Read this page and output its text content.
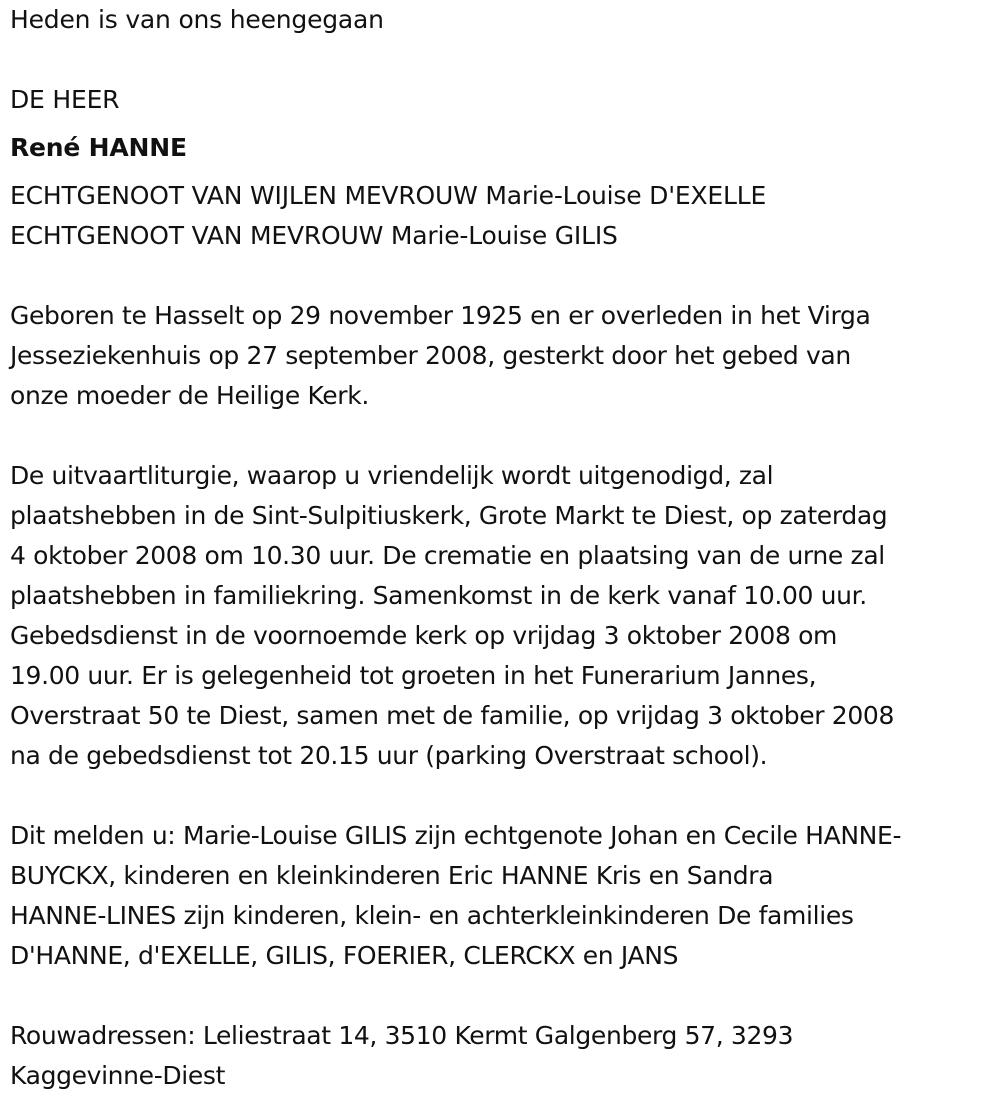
Heden is van ons heengegaan
DE HEER
René HANNE
ECHTGENOOT VAN WIJLEN MEVROUW Marie-Louise D'EXELLE
ECHTGENOOT VAN MEVROUW Marie-Louise GILIS
Geboren te Hasselt op 29 november 1925 en er overleden in het Virga
Jesseziekenhuis op 27 september 2008, gesterkt door het gebed van
onze moeder de Heilige Kerk.
De uitvaartliturgie, waarop u vriendelijk wordt uitgenodigd, zal
plaatshebben in de Sint-Sulpitiuskerk, Grote Markt te Diest, op zaterdag
4 oktober 2008 om 10.30 uur. De crematie en plaatsing van de urne zal
plaatshebben in familiekring. Samenkomst in de kerk vanaf 10.00 uur.
Gebedsdienst in de voornoemde kerk op vrijdag 3 oktober 2008 om
19.00 uur. Er is gelegenheid tot groeten in het Funerarium Jannes,
Overstraat 50 te Diest, samen met de familie, op vrijdag 3 oktober 2008
na de gebedsdienst tot 20.15 uur (parking Overstraat school).
Dit melden u: Marie-Louise GILIS zijn echtgenote Johan en Cecile HANNE-
BUYCKX, kinderen en kleinkinderen Eric HANNE Kris en Sandra
HANNE-LINES zijn kinderen, klein- en achterkleinkinderen De families
D'HANNE, d'EXELLE, GILIS, FOERIER, CLERCKX en JANS
Rouwadressen: Leliestraat 14, 3510 Kermt Galgenberg 57, 3293
Kaggevinne-Diest
